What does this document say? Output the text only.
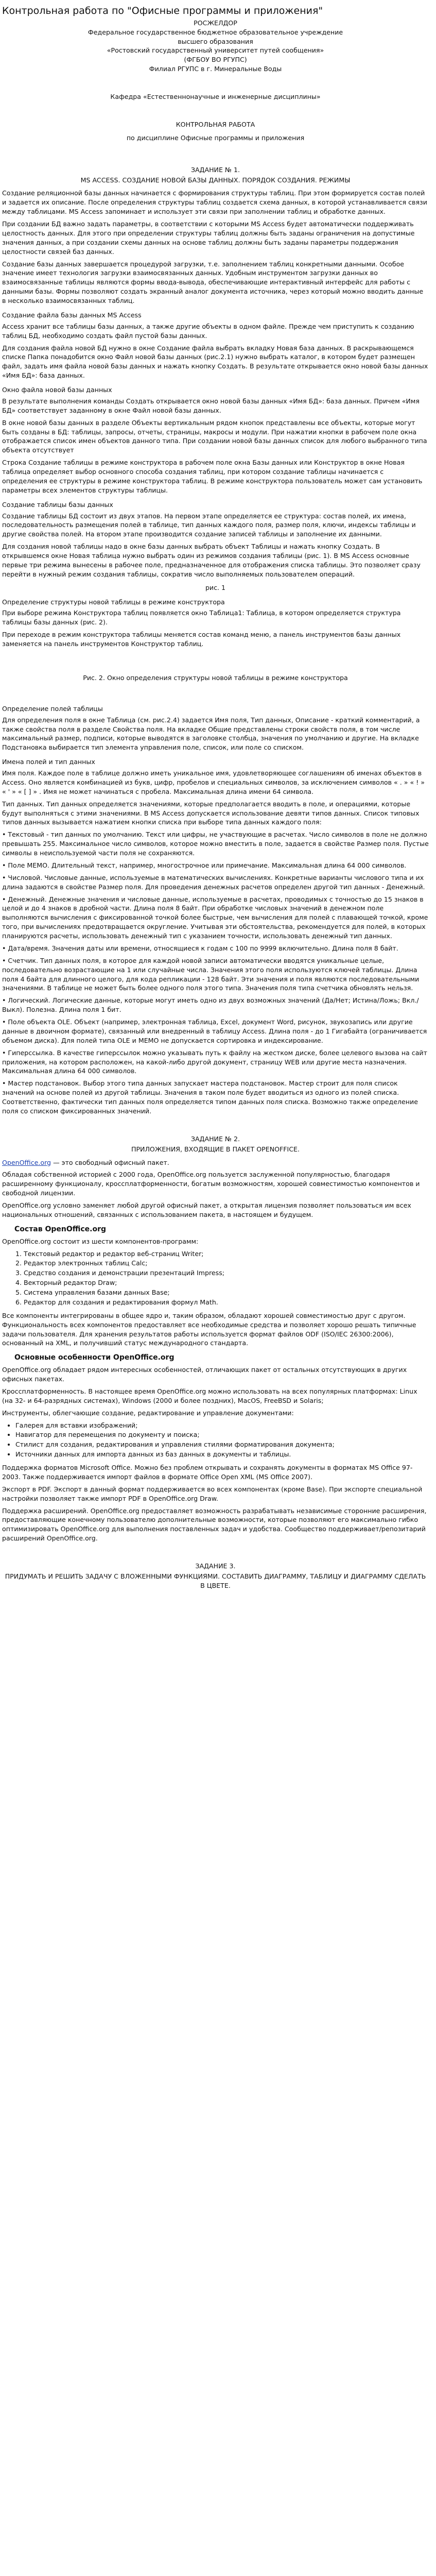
Контрольная работа по "Офисные программы и приложения"

РОСЖЕЛДОР

Федеральное государственное бюджетное образовательное учреждение

высшего образования

«Ростовский государственный университет путей сообщения»

(ФГБОУ ВО РГУПС)

Филиал РГУПС в г. Минеральные Воды

Кафедра «Естественнонаучные и инженерные дисциплины»

КОНТРОЛЬНАЯ РАБОТА

по дисциплине Офисные программы и приложения

ЗАДАНИЕ № 1.

MS ACCESS. СОЗДАНИЕ НОВОЙ БАЗЫ ДАННЫХ. ПОРЯДОК СОЗДАНИЯ. РЕЖИМЫ

Создание реляционной базы данных начинается с формирования структуры таблиц. При этом формируется состав полей и задается их описание. После определения структуры таблиц создается схема данных, в которой устанавливается связи между таблицами. MS Access запоминает и использует эти связи при заполнении таблиц и обработке данных.

При создании БД важно задать параметры, в соответствии с которыми MS Access будет автоматически поддерживать целостность данных. Для этого при определении структуры таблиц должны быть заданы ограничения на допустимые значения данных, а при создании схемы данных на основе таблиц должны быть заданы параметры поддержания целостности связей баз данных.

Создание базы данных завершается процедурой загрузки, т.е. заполнением таблиц конкретными данными. Особое значение имеет технология загрузки взаимосвязанных данных. Удобным инструментом загрузки данных во взаимосвязанные таблицы являются формы ввода-вывода, обеспечивающие интерактивный интерфейс для работы с данными базы. Формы позволяют создать экранный аналог документа источника, через который можно вводить данные в несколько взаимосвязанных таблиц.

Создание файла базы данных MS Access

Access хранит все таблицы базы данных, а также другие объекты в одном файле. Прежде чем приступить к созданию таблиц БД, необходимо создать файл пустой базы данных.

Для создания файла новой БД нужно в окне Создание файла выбрать вкладку Новая база данных. В раскрывающемся списке Папка понадобится окно Файл новой базы данных (рис.2.1) нужно выбрать каталог, в котором будет размещен файл, задать имя файла новой базы данных и нажать кнопку Создать. В результате открывается окно новой базы данных «Имя БД»: база данных.

Окно файла новой базы данных

В результате выполнения команды Создать открывается окно новой базы данных «Имя БД»: база данных. Причем «Имя БД» соответствует заданному в окне Файл новой базы данных.

В окне новой базы данных в разделе Объекты вертикальным рядом кнопок представлены все объекты, которые могут быть созданы в БД: таблицы, запросы, отчеты, страницы, макросы и модули. При нажатии кнопки в рабочем поле окна отображается список имен объектов данного типа. При создании новой базы данных список для любого выбранного типа объекта отсутствует

Строка Создание таблицы в режиме конструктора в рабочем поле окна Базы данных или Конструктор в окне Новая таблица определяет выбор основного способа создания таблиц, при котором создание таблицы начинается с определения ее структуры в режиме конструктора таблиц. В режиме конструктора пользователь может сам установить параметры всех элементов структуры таблицы.

Создание таблицы базы данных

Создание таблицы БД состоит из двух этапов. На первом этапе определяется ее структура: состав полей, их имена, последовательность размещения полей в таблице, тип данных каждого поля, размер поля, ключи, индексы таблицы и другие свойства полей. На втором этапе производится создание записей таблицы и заполнение их данными.

Для создания новой таблицы надо в окне базы данных выбрать объект Таблицы и нажать кнопку Создать. В открывшемся окне Новая таблица нужно выбрать один из режимов создания таблицы (рис. 1). В MS Access основные первые три режима вынесены в рабочее поле, предназначенное для отображения списка таблицы. Это позволяет сразу перейти в нужный режим создания таблицы, сократив число выполняемых пользователем операций.

рис. 1

Определение структуры новой таблицы в режиме конструктора

При выборе режима Конструктора таблиц появляется окно Таблица1: Таблица, в котором определяется структура таблицы базы данных (рис. 2).

При переходе в режим конструктора таблицы меняется состав команд меню, а панель инструментов базы данных заменяется на панель инструментов Конструктор таблиц.

Рис. 2. Окно определения структуры новой таблицы в режиме конструктора

Определение полей таблицы

Для определения поля в окне Таблица (см. рис.2.4) задается Имя поля, Тип данных, Описание - краткий комментарий, а также свойства поля в разделе Свойства поля. На вкладке Общие представлены строки свойств поля, в том числе максимальный размер, подписи, которые выводятся в заголовке столбца, значения по умолчанию и другие. На вкладке Подстановка выбирается тип элемента управления поле, список, или поле со списком.

Имена полей и тип данных

Имя поля. Каждое поле в таблице должно иметь уникальное имя, удовлетворяющее соглашениям об именах объектов в Access. Оно является комбинацией из букв, цифр, пробелов и специальных символов, за исключением символов « . » « ! » « ' » « [ ] » . Имя не может начинаться с пробела. Максимальная длина имени 64 символа.

Тип данных. Тип данных определяется значениями, которые предполагается вводить в поле, и операциями, которые будут выполняться с этими значениями. В MS Access допускается использование девяти типов данных. Список типовых типов данных вызывается нажатием кнопки списка при выборе типа данных каждого поля:

• Текстовый - тип данных по умолчанию. Текст или цифры, не участвующие в расчетах. Число символов в поле не должно превышать 255. Максимальное число символов, которое можно вместить в поле, задается в свойстве Размер поля. Пустые символы в неиспользуемой части поля не сохраняются.

• Поле МЕМО. Длительный текст, например, многострочное или примечание. Максимальная длина 64 000 символов.

• Числовой. Числовые данные, используемые в математических вычислениях. Конкретные варианты числового типа и их длина задаются в свойстве Размер поля. Для проведения денежных расчетов определен другой тип данных - Денежный.

• Денежный. Денежные значения и числовые данные, используемые в расчетах, проводимых с точностью до 15 знаков в целой и до 4 знаков в дробной части. Длина поля 8 байт. При обработке числовых значений в денежном поле выполняются вычисления с фиксированной точкой более быстрые, чем вычисления для полей с плавающей точкой, кроме того, при вычислениях предотвращается округление. Учитывая эти обстоятельства, рекомендуется для полей, в которых планируются расчеты, использовать денежный тип с указанием точности, использовать денежный тип данных.

• Дата/время. Значения даты или времени, относящиеся к годам с 100 по 9999 включительно. Длина поля 8 байт.

• Счетчик. Тип данных поля, в которое для каждой новой записи автоматически вводятся уникальные целые, последовательно возрастающие на 1 или случайные числа. Значения этого поля используются ключей таблицы. Длина поля 4 байта для длинного целого, для кода репликации - 128 байт. Эти значения и поля являются последовательными значениями. В таблице не может быть более одного поля этого типа. Значения поля типа счетчика обновлять нельзя.

• Логический. Логические данные, которые могут иметь одно из двух возможных значений (Да/Нет; Истина/Ложь; Вкл./Выкл). Полезна. Длина поля 1 бит.

• Поле объекта OLE. Объект (например, электронная таблица, Excel, документ Word, рисунок, звукозапись или другие данные в двоичном формате), связанный или внедренный в таблицу Access. Длина поля - до 1 Гигабайта (ограничивается объемом диска). Для полей типа OLE и МЕМО не допускается сортировка и индексирование.

• Гиперссылка. В качестве гиперссылок можно указывать путь к файлу на жестком диске, более целевого вызова на сайт приложения, на котором расположен, на какой-либо другой документ, страницу WEB или другие места назначения. Максимальная длина 64 000 символов.

• Мастер подстановок. Выбор этого типа данных запускает мастера подстановок. Мастер строит для поля список значений на основе полей из другой таблицы. Значения в таком поле будет вводиться из одного из полей списка. Соответственно, фактически тип данных поля определяется типом данных поля списка. Возможно также определение поля со списком фиксированных значений.

ЗАДАНИЕ № 2.

ПРИЛОЖЕНИЯ, ВХОДЯЩИЕ В ПАКЕТ OPENOFFICE.

OpenOffice.org — это свободный офисный пакет.

Обладая собственной историей с 2000 года, OpenOffice.org пользуется заслуженной популярностью, благодаря расширенному функционалу, кросcплатформенности, богатым возможностям, хорошей совместимостью компонентов и свободной лицензии.

OpenOffice.org условно заменяет любой другой офисный пакет, а открытая лицензия позволяет пользоваться им всех национальных отношений, связанных с использованием пакета, в настоящем и будущем.

Состав OpenOffice.org

OpenOffice.org состоит из шести компонентов-программ:

1. Текстовый редактор и редактор веб-страниц Writer;
2. Редактор электронных таблиц Calc;
3. Средство создания и демонстрации презентаций Impress;
4. Векторный редактор Draw;
5. Система управления базами данных Base;
6. Редактор для создания и редактирования формул Math.

Все компоненты интегрированы в общее ядро и, таким образом, обладают хорошей совместимостью друг с другом. Функциональность всех компонентов предоставляет все необходимые средства и позволяет хорошо решать типичные задачи пользователя. Для хранения результатов работы используется формат файлов ODF (ISO/IEC 26300:2006), основанный на XML, и получивший статус международного стандарта.

Основные особенности OpenOffice.org

OpenOffice.org обладает рядом интересных особенностей, отличающих пакет от остальных отсутствующих в других офисных пакетах.

Кроссплатформенность. В настоящее время OpenOffice.org можно использовать на всех популярных платформах: Linux (на 32- и 64-разрядных системах), Windows (2000 и более поздних), MacOS, FreeBSD и Solaris;

Инструменты, облегчающие создание, редактирование и управление документами:

• Галерея для вставки изображений;
• Навигатор для перемещения по документу и поиска;
• Стилист для создания, редактирования и управления стилями форматирования документа;
• Источники данных для импорта данных из баз данных в документы и таблицы.

Поддержка форматов Microsoft Office. Можно без проблем открывать и сохранять документы в форматах MS Office 97-2003. Также поддерживается импорт файлов в формате Office Open XML (MS Office 2007).

Экспорт в PDF. Экспорт в данный формат поддерживается во всех компонентах (кроме Base). При экспорте специальной настройки позволяет также импорт PDF в OpenOffice.org Draw.

Поддержка расширений. OpenOffice.org предоставляет возможность разрабатывать независимые сторонние расширения, предоставляющие конечному пользователю дополнительные возможности, которые позволяют его максимально гибко оптимизировать OpenOffice.org для выполнения поставленных задач и удобства. Сообщество поддерживает/репозитарий расширений OpenOffice.org.

ЗАДАНИЕ 3.

ПРИДУМАТЬ И РЕШИТЬ ЗАДАЧУ С ВЛОЖЕННЫМИ ФУНКЦИЯМИ. СОСТАВИТЬ ДИАГРАММУ, ТАБЛИЦУ И ДИАГРАММУ СДЕЛАТЬ В ЦВЕТЕ.
